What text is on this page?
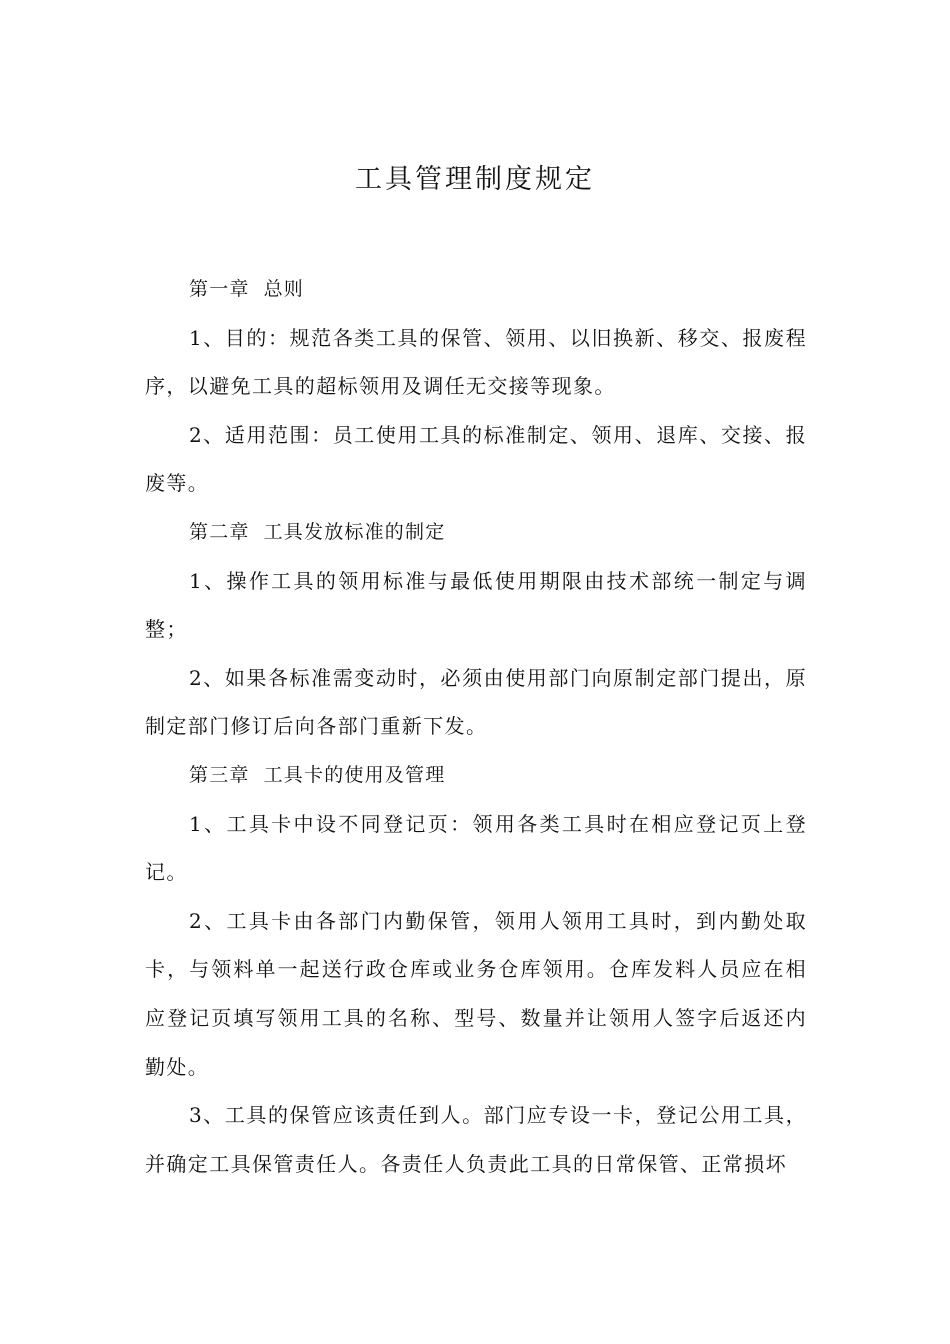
工具管理制度规定

第一章 总则

1、目的：规范各类工具的保管、领用、以旧换新、移交、报废程序，以避免工具的超标领用及调任无交接等现象。

2、适用范围：员工使用工具的标准制定、领用、退库、交接、报废等。

第二章 工具发放标准的制定

1、操作工具的领用标准与最低使用期限由技术部统一制定与调整；

2、如果各标准需变动时，必须由使用部门向原制定部门提出，原制定部门修订后向各部门重新下发。

第三章 工具卡的使用及管理

1、工具卡中设不同登记页：领用各类工具时在相应登记页上登记。

2、工具卡由各部门内勤保管，领用人领用工具时，到内勤处取卡，与领料单一起送行政仓库或业务仓库领用。仓库发料人员应在相应登记页填写领用工具的名称、型号、数量并让领用人签字后返还内勤处。

3、工具的保管应该责任到人。部门应专设一卡，登记公用工具，并确定工具保管责任人。各责任人负责此工具的日常保管、正常损坏
